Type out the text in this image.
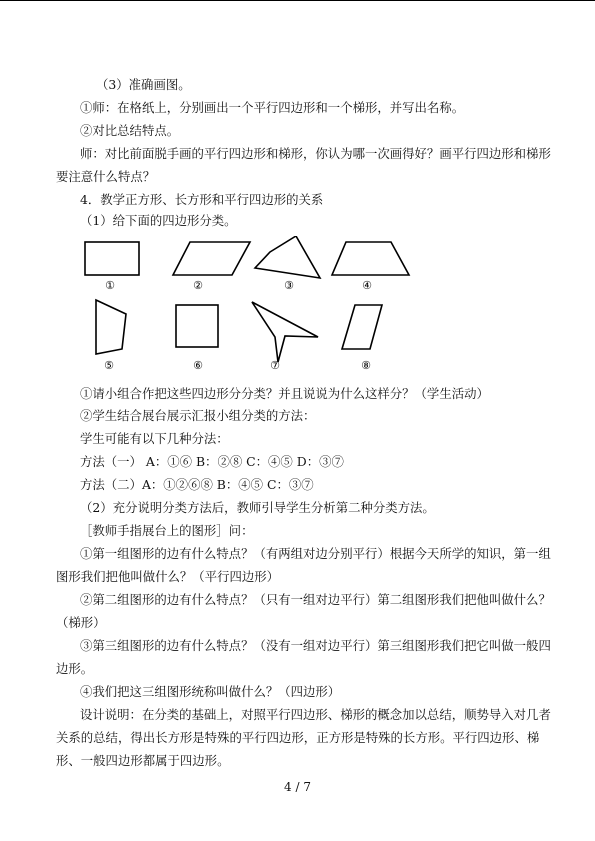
（3）准确画图。
①师：在格纸上，分别画出一个平行四边形和一个梯形，并写出名称。
②对比总结特点。
师：对比前面脱手画的平行四边形和梯形，你认为哪一次画得好？画平行四边形和梯形
要注意什么特点？
4．教学正方形、长方形和平行四边形的关系
（1）给下面的四边形分类。
①	②	③	④
⑤	⑥	⑦	⑧
①请小组合作把这些四边形分分类？并且说说为什么这样分？（学生活动）
②学生结合展台展示汇报小组分类的方法：
学生可能有以下几种分法：
方法（一） A：①⑥ B：②⑧ C：④⑤ D：③⑦
方法（二）A：①②⑥⑧ B：④⑤ C：③⑦
（2）充分说明分类方法后，教师引导学生分析第二种分类方法。
［教师手指展台上的图形］问：
①第一组图形的边有什么特点？（有两组对边分别平行）根据今天所学的知识，第一组
图形我们把他叫做什么？（平行四边形）
②第二组图形的边有什么特点？（只有一组对边平行）第二组图形我们把他叫做什么？
（梯形）
③第三组图形的边有什么特点？（没有一组对边平行）第三组图形我们把它叫做一般四
边形。
④我们把这三组图形统称叫做什么？（四边形）
设计说明：在分类的基础上，对照平行四边形、梯形的概念加以总结，顺势导入对几者
关系的总结，得出长方形是特殊的平行四边形，正方形是特殊的长方形。平行四边形、梯
形、一般四边形都属于四边形。
4 / 7
